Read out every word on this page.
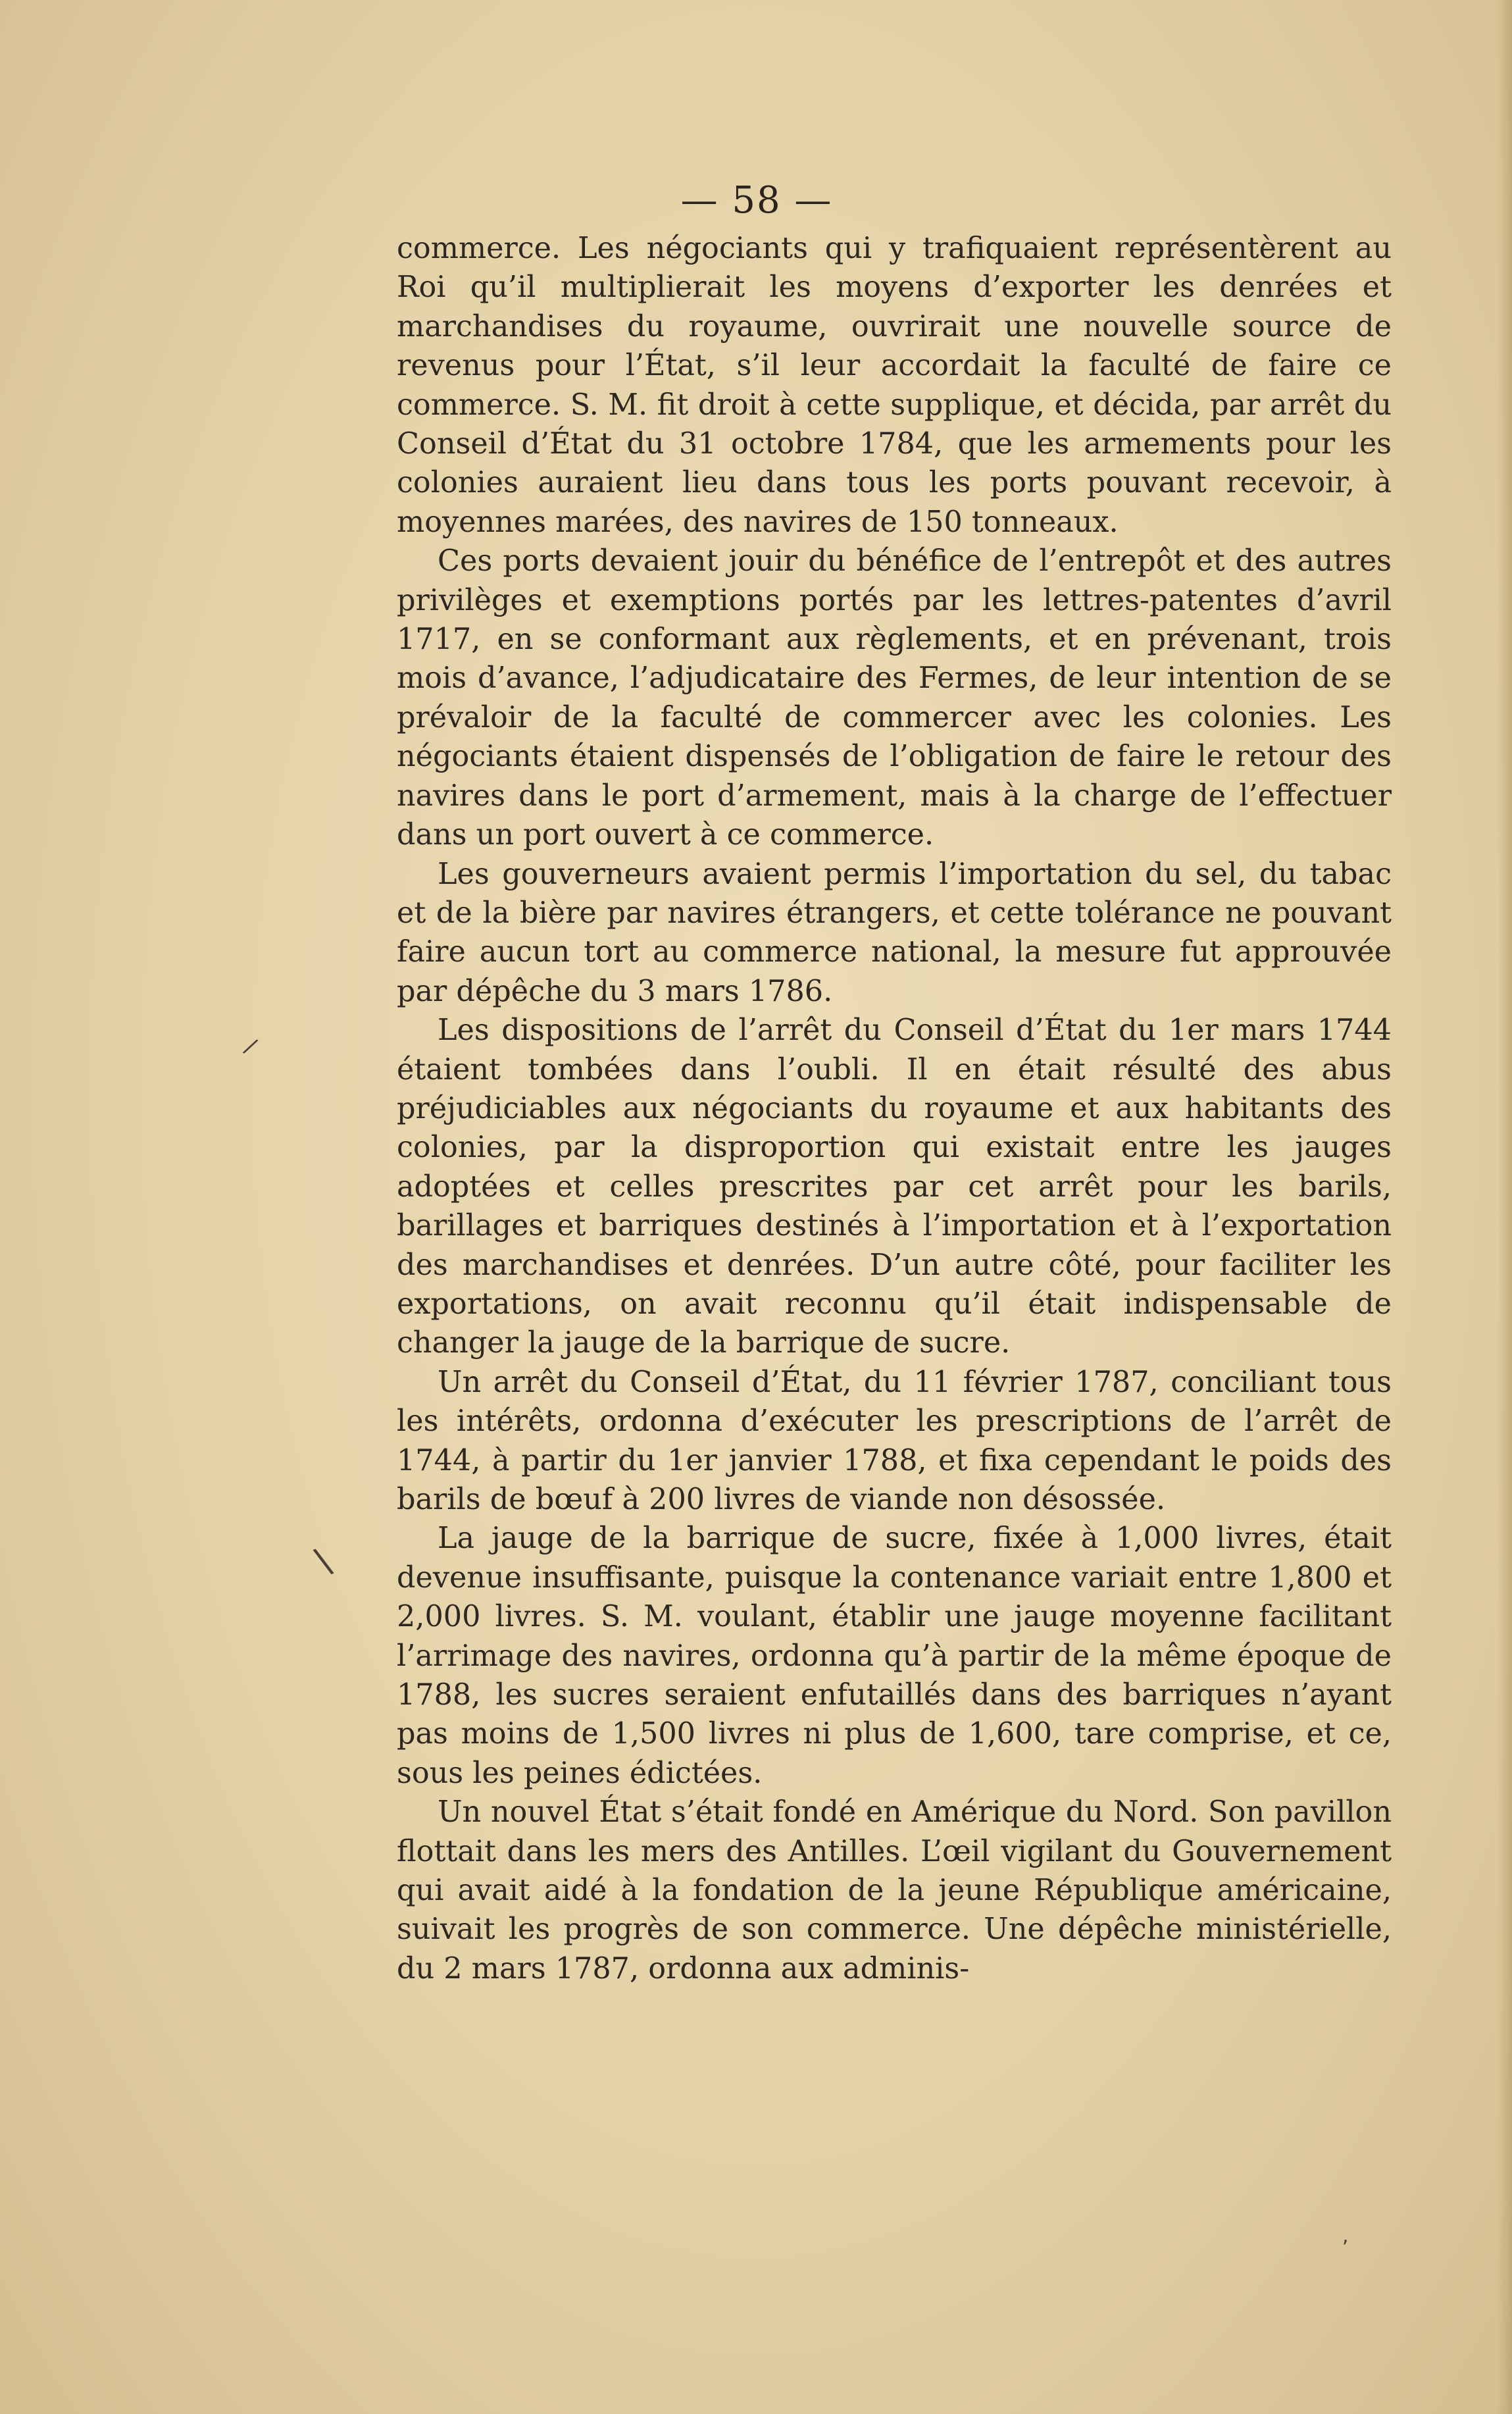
— 58 —

commerce. Les négociants qui y trafiquaient représentèrent au Roi qu’il multiplierait les moyens d’exporter les denrées et marchandises du royaume, ouvrirait une nouvelle source de revenus pour l’État, s’il leur accordait la faculté de faire ce commerce. S. M. fit droit à cette supplique, et décida, par arrêt du Conseil d’État du 31 octobre 1784, que les armements pour les colonies auraient lieu dans tous les ports pouvant recevoir, à moyennes marées, des navires de 150 tonneaux.

Ces ports devaient jouir du bénéfice de l’entrepôt et des autres privilèges et exemptions portés par les lettres-patentes d’avril 1717, en se conformant aux règlements, et en prévenant, trois mois d’avance, l’adjudicataire des Fermes, de leur intention de se prévaloir de la faculté de commercer avec les colonies. Les négociants étaient dispensés de l’obligation de faire le retour des navires dans le port d’armement, mais à la charge de l’effectuer dans un port ouvert à ce commerce.

Les gouverneurs avaient permis l’importation du sel, du tabac et de la bière par navires étrangers, et cette tolérance ne pouvant faire aucun tort au commerce national, la mesure fut approuvée par dépêche du 3 mars 1786.

Les dispositions de l’arrêt du Conseil d’État du 1er mars 1744 étaient tombées dans l’oubli. Il en était résulté des abus préjudiciables aux négociants du royaume et aux habitants des colonies, par la disproportion qui existait entre les jauges adoptées et celles prescrites par cet arrêt pour les barils, barillages et barriques destinés à l’importation et à l’exportation des marchandises et denrées. D’un autre côté, pour faciliter les exportations, on avait reconnu qu’il était indispensable de changer la jauge de la barrique de sucre.

Un arrêt du Conseil d’État, du 11 février 1787, conciliant tous les intérêts, ordonna d’exécuter les prescriptions de l’arrêt de 1744, à partir du 1er janvier 1788, et fixa cependant le poids des barils de bœuf à 200 livres de viande non désossée.

La jauge de la barrique de sucre, fixée à 1,000 livres, était devenue insuffisante, puisque la contenance variait entre 1,800 et 2,000 livres. S. M. voulant, établir une jauge moyenne facilitant l’arrimage des navires, ordonna qu’à partir de la même époque de 1788, les sucres seraient enfutaillés dans des barriques n’ayant pas moins de 1,500 livres ni plus de 1,600, tare comprise, et ce, sous les peines édictées.

Un nouvel État s’était fondé en Amérique du Nord. Son pavillon flottait dans les mers des Antilles. L’œil vigilant du Gouvernement qui avait aidé à la fondation de la jeune République américaine, suivait les progrès de son commerce. Une dépêche ministérielle, du 2 mars 1787, ordonna aux adminis-

\
/
,
